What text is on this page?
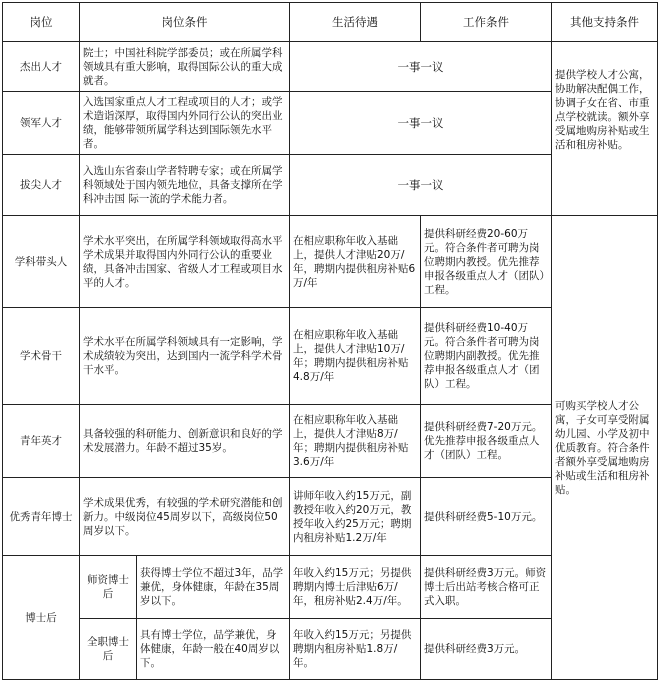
岗位	岗位条件		生活待遇	工作条件	其他支持条件
杰出人才	院士；中国社科院学部委员；或在所属学科领域具有重大影响，取得国际公认的重大成就者。		一事一议		提供学校人才公寓，协助解决配偶工作，协调子女在省、市重点学校就读。额外享受属地购房补贴或生活和租房补贴。
领军人才	入选国家重点人才工程或项目的人才；或学术造诣深厚，取得国内外同行公认的突出业绩，能够带领所属学科达到国际领先水平者。		一事一议		
拔尖人才	入选山东省泰山学者特聘专家；或在所属学科领域处于国内领先地位，具备支撑所在学科冲击国 际一流的学术能力者。		一事一议		
学科带头人	学术水平突出，在所属学科领域取得高水平学术成果并取得国内外同行公认的重要业绩，具备冲击国家、省级人才工程或项目水平的人才。		在相应职称年收入基础上，提供人才津贴20万/年，聘期内提供租房补贴6万/年	提供科研经费20-60万元。符合条件者可聘为岗位聘期内教授。优先推荐申报各级重点人才（团队）工程。	可购买学校人才公寓，子女可享受附属幼儿园、小学及初中优质教育。符合条件者额外享受属地购房补贴或生活和租房补贴。
学术骨干	学术水平在所属学科领域具有一定影响，学术成绩较为突出，达到国内一流学科学术骨干水平。		在相应职称年收入基础上，提供人才津贴10万/年；聘期内提供租房补贴4.8万/年	提供科研经费10-40万元。符合条件者可聘为岗位聘期内副教授。优先推荐申报各级重点人才（团队）工程。	
青年英才	具备较强的科研能力、创新意识和良好的学术发展潜力。年龄不超过35岁。		在相应职称年收入基础上，提供人才津贴8万/年；聘期内提供租房补贴3.6万/年	提供科研经费7-20万元。优先推荐申报各级重点人才（团队）工程。	
优秀青年博士	学术成果优秀，有较强的学术研究潜能和创新力。中级岗位45周岁以下，高级岗位50周岁以下。		讲师年收入约15万元，副教授年收入约20万元，教授年收入约25万元；聘期内租房补贴1.2万/年	提供科研经费5-10万元。	
博士后	师资博士后	获得博士学位不超过3年，品学兼优，身体健康，年龄在35周岁以下。	年收入约15万元；另提供聘期内博士后津贴6万/年，租房补贴2.4万/年。	提供科研经费3万元。师资博士后出站考核合格可正式入职。	
	全职博士后	具有博士学位，品学兼优，身体健康，年龄一般在40周岁以下。	年收入约15万元；另提供聘期内租房补贴1.8万/年。	提供科研经费3万元。	
